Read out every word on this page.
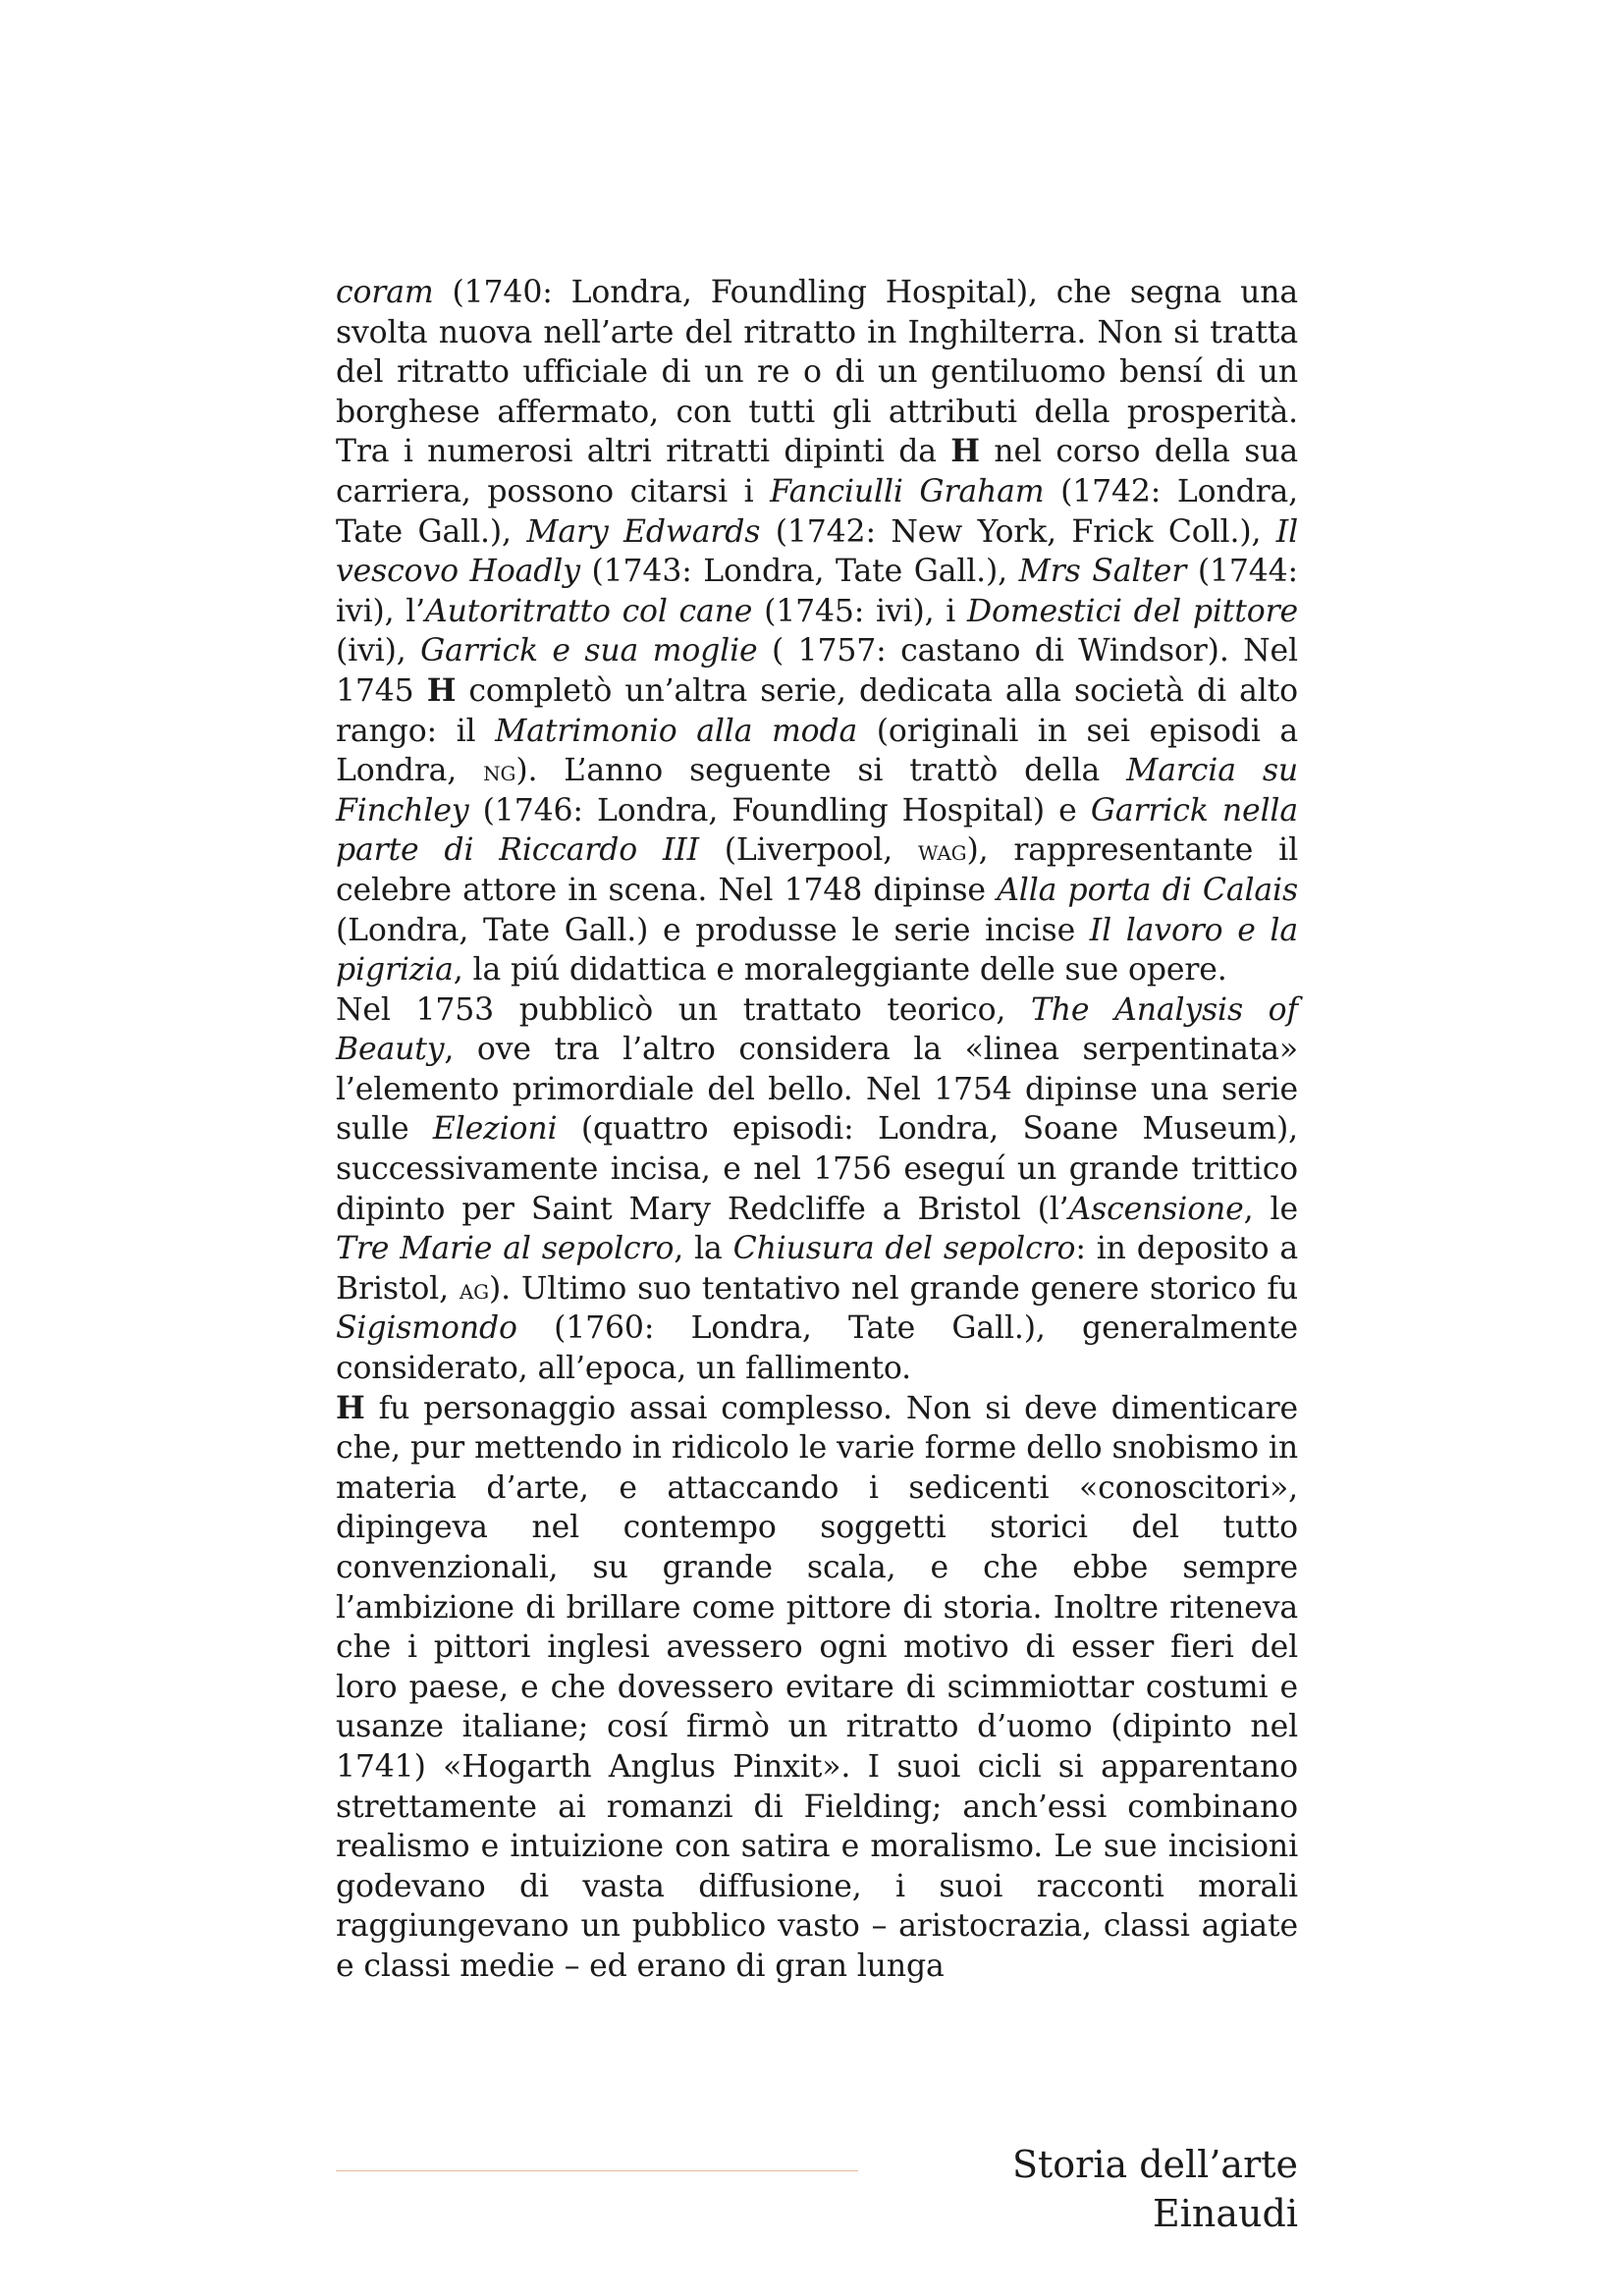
coram (1740: Londra, Foundling Hospital), che segna una svolta nuova nell’arte del ritratto in Inghilterra. Non si tratta del ritratto ufficiale di un re o di un gentiluomo bensí di un borghese affermato, con tutti gli attributi della prosperità. Tra i numerosi altri ritratti dipinti da H nel corso della sua carriera, possono citarsi i Fanciulli Graham (1742: Londra, Tate Gall.), Mary Edwards (1742: New York, Frick Coll.), Il vescovo Hoadly (1743: Londra, Tate Gall.), Mrs Salter (1744: ivi), l’Autoritratto col cane (1745: ivi), i Domestici del pittore (ivi), Garrick e sua moglie ( 1757: castano di Windsor). Nel 1745 H completò un’altra serie, dedicata alla società di alto rango: il Matrimonio alla moda (originali in sei episodi a Londra, ng). L’anno seguente si trattò della Marcia su Finchley (1746: Londra, Foundling Hospital) e Garrick nella parte di Riccardo III (Liverpool, wag), rappresentante il celebre attore in scena. Nel 1748 dipinse Alla porta di Calais (Londra, Tate Gall.) e produsse le serie incise Il lavoro e la pigrizia, la piú didattica e moraleggiante delle sue opere.
Nel 1753 pubblicò un trattato teorico, The Analysis of Beauty, ove tra l’altro considera la «linea serpentinata» l’elemento primordiale del bello. Nel 1754 dipinse una serie sulle Elezioni (quattro episodi: Londra, Soane Museum), successivamente incisa, e nel 1756 eseguí un grande trittico dipinto per Saint Mary Redcliffe a Bristol (l’Ascensione, le Tre Marie al sepolcro, la Chiusura del sepolcro: in deposito a Bristol, ag). Ultimo suo tentativo nel grande genere storico fu Sigismondo (1760: Londra, Tate Gall.), generalmente considerato, all’epoca, un fallimento.
H fu personaggio assai complesso. Non si deve dimenticare che, pur mettendo in ridicolo le varie forme dello snobismo in materia d’arte, e attaccando i sedicenti «conoscitori», dipingeva nel contempo soggetti storici del tutto convenzionali, su grande scala, e che ebbe sempre l’ambizione di brillare come pittore di storia. Inoltre riteneva che i pittori inglesi avessero ogni motivo di esser fieri del loro paese, e che dovessero evitare di scimmiottar costumi e usanze italiane; cosí firmò un ritratto d’uomo (dipinto nel 1741) «Hogarth Anglus Pinxit». I suoi cicli si apparentano strettamente ai romanzi di Fielding; anch’essi combinano realismo e intuizione con satira e moralismo. Le sue incisioni godevano di vasta diffusione, i suoi racconti morali raggiungevano un pubblico vasto – aristocrazia, classi agiate e classi medie – ed erano di gran lunga

Storia dell’arte Einaudi
